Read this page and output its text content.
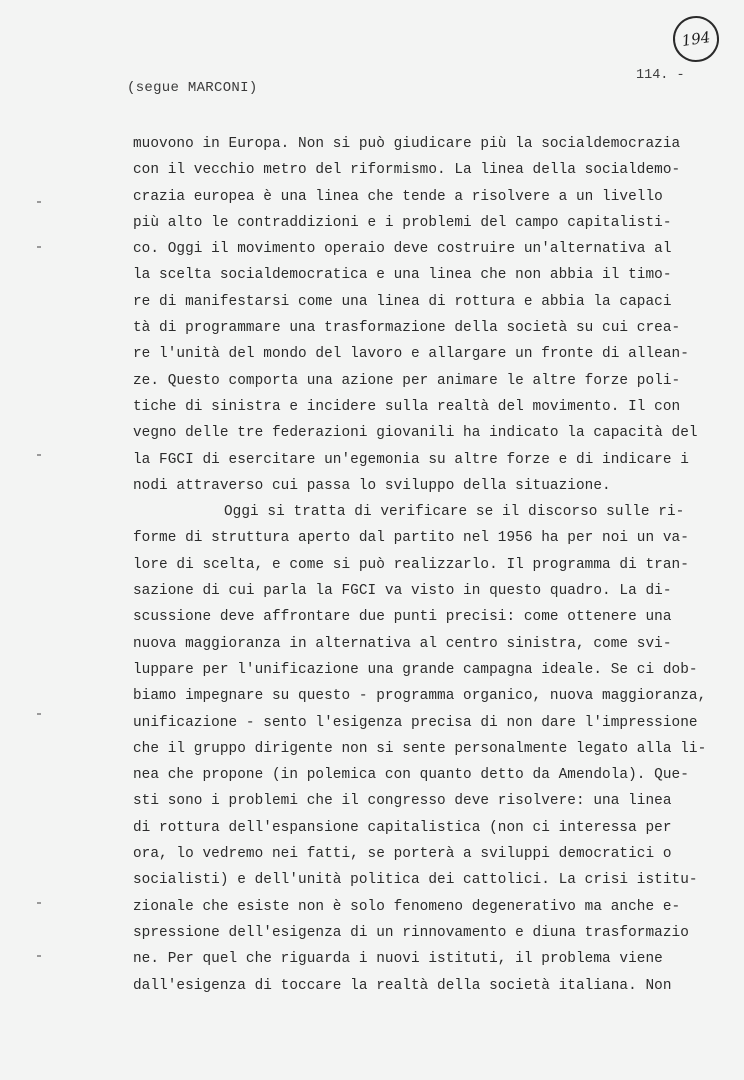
194
(segue MARCONI)
114. -
muovono in Europa. Non si può giudicare più la socialdemocrazia
con il vecchio metro del riformismo. La linea della socialdemo-
crazia europea è una linea che tende a risolvere a un livello
più alto le contraddizioni e i problemi del campo capitalisti-
co. Oggi il movimento operaio deve costruire un'alternativa al
la scelta socialdemocratica e una linea che non abbia il timo-
re di manifestarsi come una linea di rottura e abbia la capaci
tà di programmare una trasformazione della società su cui crea-
re l'unità del mondo del lavoro e allargare un fronte di allean-
ze. Questo comporta una azione per animare le altre forze poli-
tiche di sinistra e incidere sulla realtà del movimento. Il con
vegno delle tre federazioni giovanili ha indicato la capacità del
la FGCI di esercitare un'egemonia su altre forze e di indicare i
nodi attraverso cui passa lo sviluppo della situazione.
Oggi si tratta di verificare se il discorso sulle ri-
forme di struttura aperto dal partito nel 1956 ha per noi un va-
lore di scelta, e come si può realizzarlo. Il programma di tran-
sazione di cui parla la FGCI va visto in questo quadro. La di-
scussione deve affrontare due punti precisi: come ottenere una
nuova maggioranza in alternativa al centro sinistra, come svi-
luppare per l'unificazione una grande campagna ideale. Se ci dob-
biamo impegnare su questo - programma organico, nuova maggioranza,
unificazione - sento l'esigenza precisa di non dare l'impressione
che il gruppo dirigente non si sente personalmente legato alla li-
nea che propone (in polemica con quanto detto da Amendola). Que-
sti sono i problemi che il congresso deve risolvere: una linea
di rottura dell'espansione capitalistica (non ci interessa per
ora, lo vedremo nei fatti, se porterà a sviluppi democratici o
socialisti) e dell'unità politica dei cattolici. La crisi istitu-
zionale che esiste non è solo fenomeno degenerativo ma anche e-
spressione dell'esigenza di un rinnovamento e diuna trasformazio
ne. Per quel che riguarda i nuovi istituti, il problema viene
dall'esigenza di toccare la realtà della società italiana. Non
